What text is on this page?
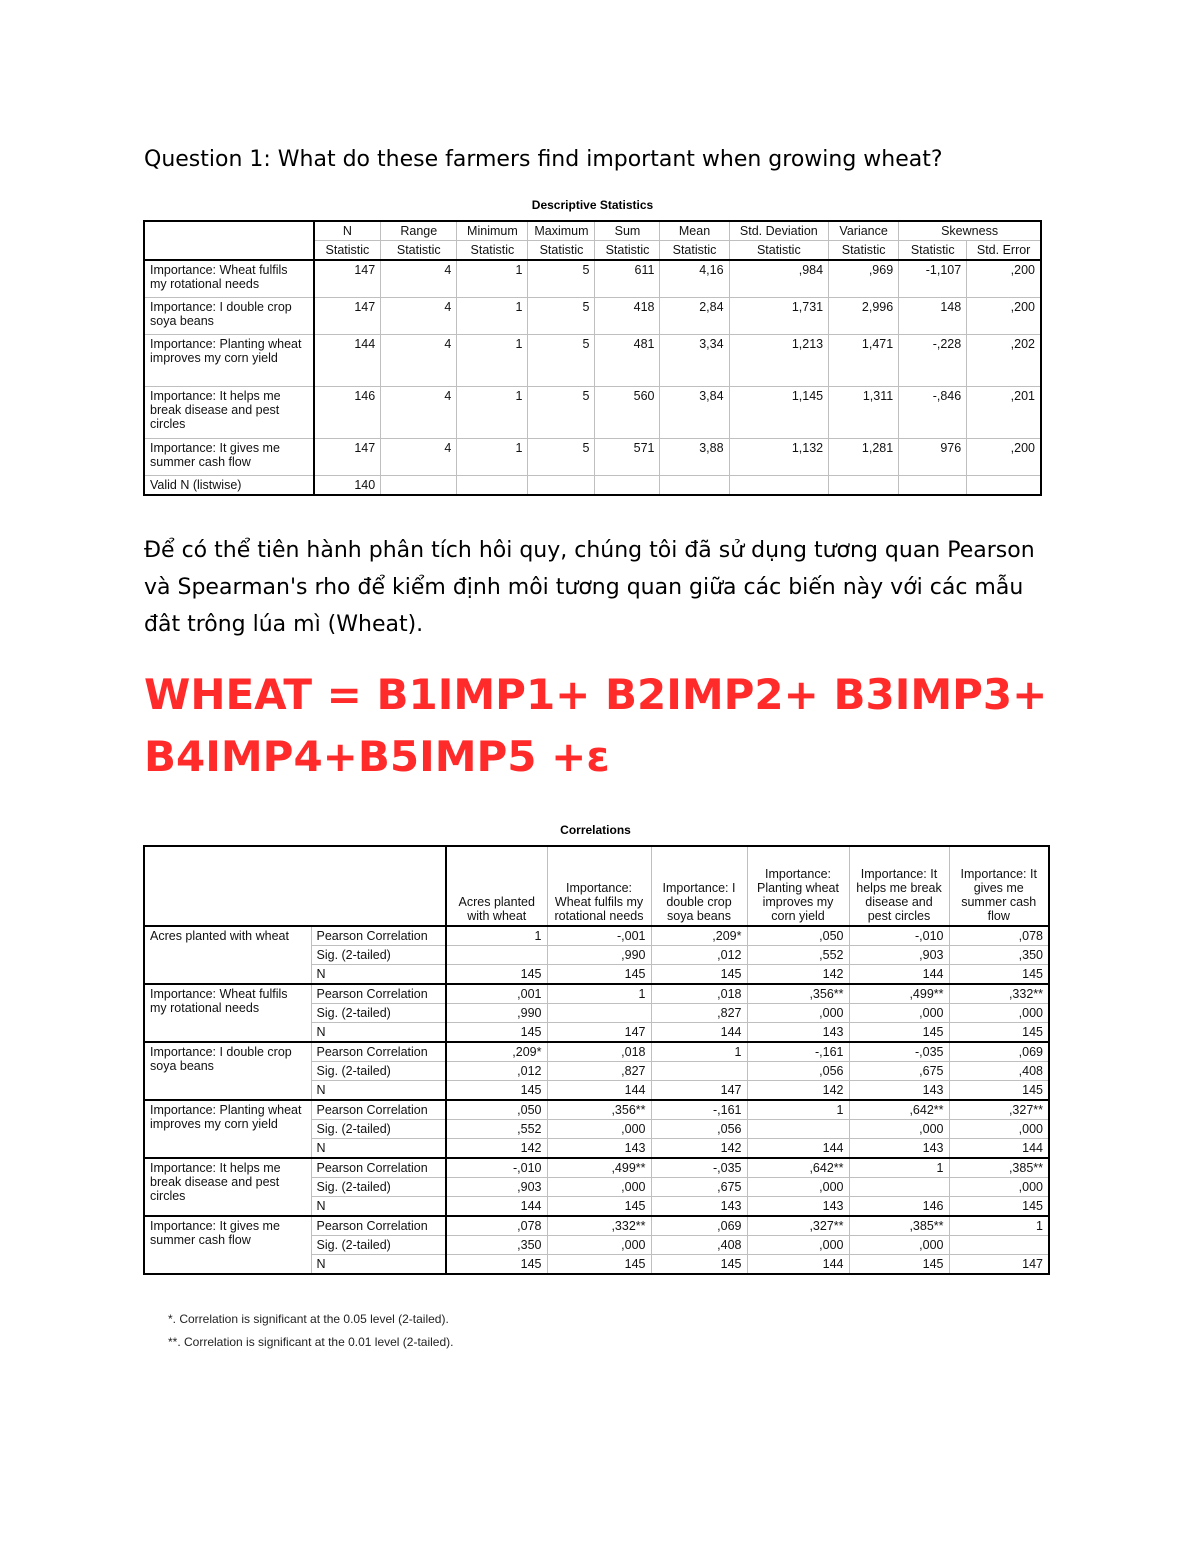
Question 1: What do these farmers find important when growing wheat?
Descriptive Statistics
	N	Range	Minimum	Maximum	Sum	Mean	Std. Deviation	Variance	Skewness	
	Statistic	Statistic	Statistic	Statistic	Statistic	Statistic	Statistic	Statistic	Statistic	Std. Error
Importance: Wheat fulfils my rotational needs	147	4	1	5	611	4,16	,984	,969	-1,107	,200
Importance: I double crop soya beans	147	4	1	5	418	2,84	1,731	2,996	148	,200
Importance: Planting wheat improves my corn yield	144	4	1	5	481	3,34	1,213	1,471	-,228	,202
Importance: It helps me break disease and pest circles	146	4	1	5	560	3,84	1,145	1,311	-,846	,201
Importance: It gives me summer cash flow	147	4	1	5	571	3,88	1,132	1,281	976	,200
Valid N (listwise)	140									
Để có thể tiên hành phân tích hôi quy, chúng tôi đã sử dụng tương quan Pearson và Spearman's rho để kiểm định môi tương quan giữa các biến này với các mẫu đât trông lúa mì (Wheat).
WHEAT = B1IMP1+ B2IMP2+ B3IMP3+
B4IMP4+B5IMP5 +ε
Correlations
		Acres planted with wheat	Importance: Wheat fulfils my rotational needs	Importance: I double crop soya beans	Importance: Planting wheat improves my corn yield	Importance: It helps me break disease and pest circles	Importance: It gives me summer cash flow
Acres planted with wheat	Pearson Correlation	1	-,001	,209*	,050	-,010	,078
	Sig. (2-tailed)		,990	,012	,552	,903	,350
	N	145	145	145	142	144	145
Importance: Wheat fulfils my rotational needs	Pearson Correlation	,001	1	,018	,356**	,499**	,332**
	Sig. (2-tailed)	,990		,827	,000	,000	,000
	N	145	147	144	143	145	145
Importance: I double crop soya beans	Pearson Correlation	,209*	,018	1	-,161	-,035	,069
	Sig. (2-tailed)	,012	,827		,056	,675	,408
	N	145	144	147	142	143	145
Importance: Planting wheat improves my corn yield	Pearson Correlation	,050	,356**	-,161	1	,642**	,327**
	Sig. (2-tailed)	,552	,000	,056		,000	,000
	N	142	143	142	144	143	144
Importance: It helps me break disease and pest circles	Pearson Correlation	-,010	,499**	-,035	,642**	1	,385**
	Sig. (2-tailed)	,903	,000	,675	,000		,000
	N	144	145	143	143	146	145
Importance: It gives me summer cash flow	Pearson Correlation	,078	,332**	,069	,327**	,385**	1
	Sig. (2-tailed)	,350	,000	,408	,000	,000	
	N	145	145	145	144	145	147
*. Correlation is significant at the 0.05 level (2-tailed).
**. Correlation is significant at the 0.01 level (2-tailed).
